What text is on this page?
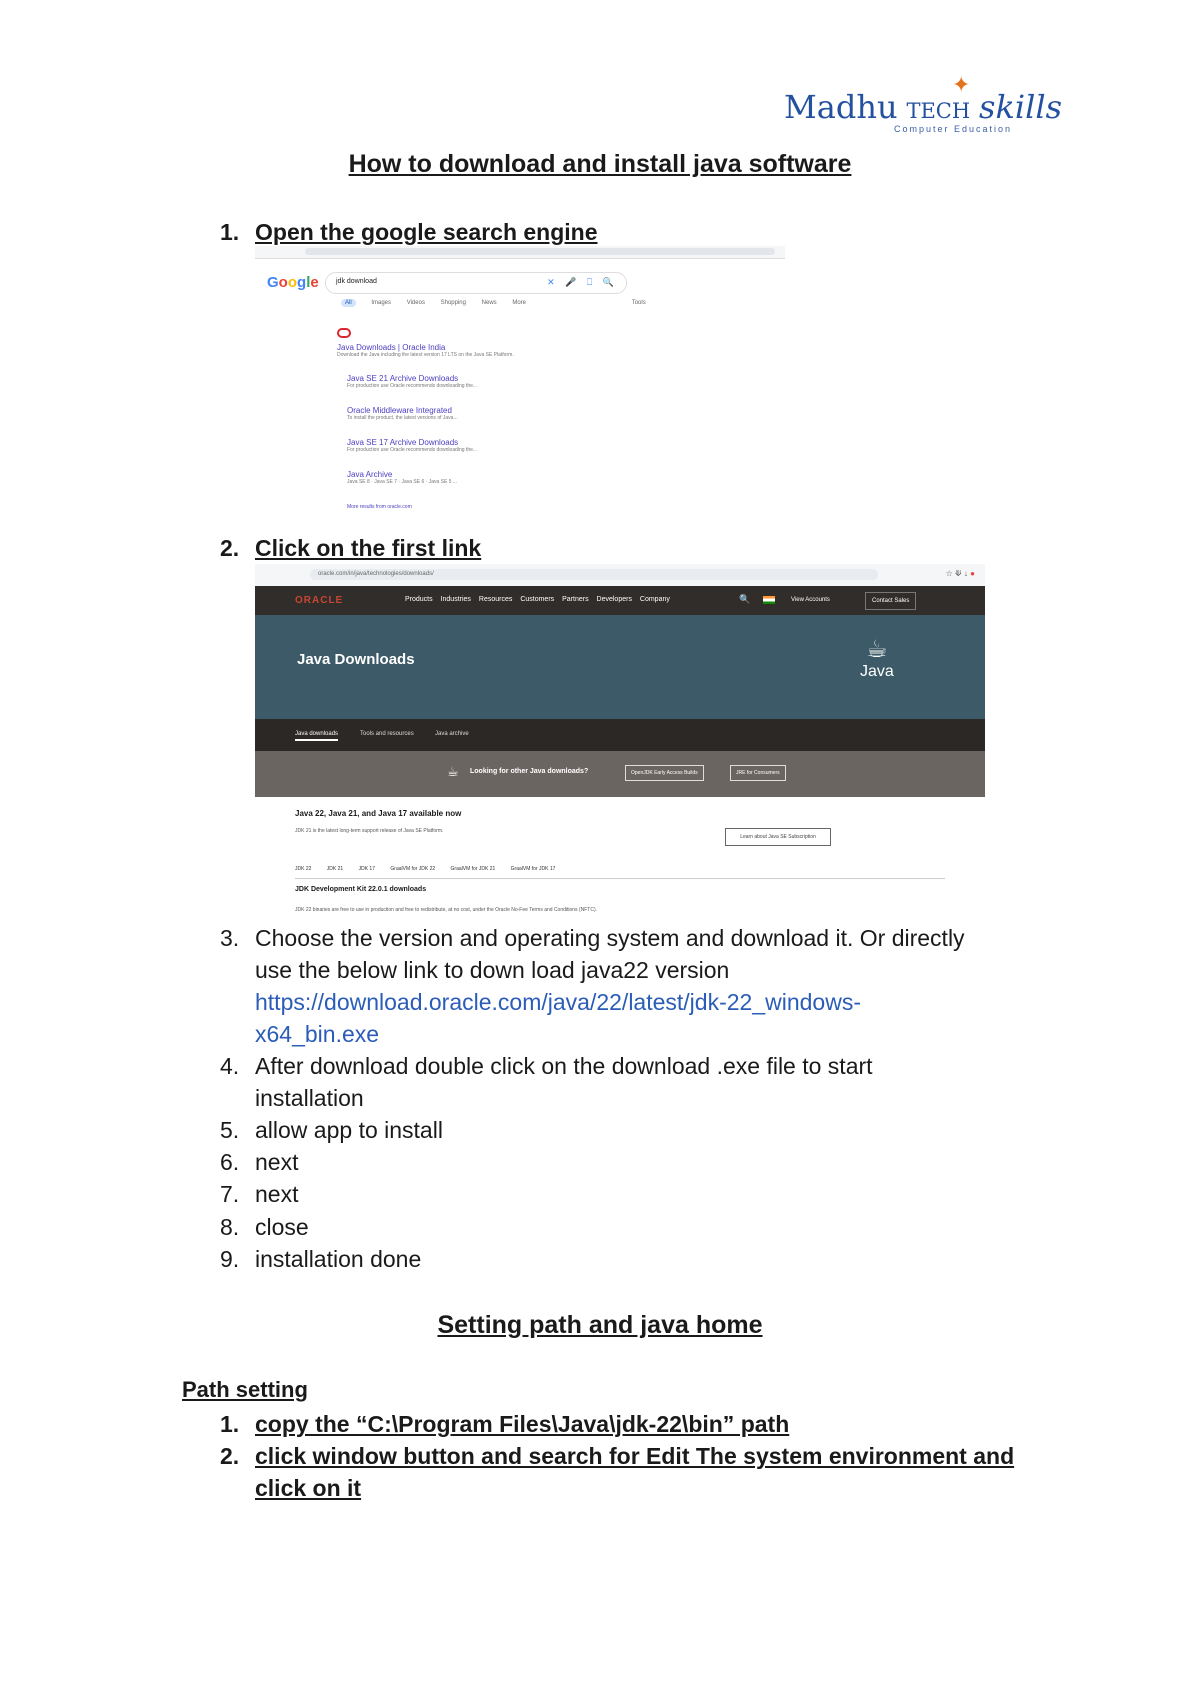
✦
Madhu tech skills
Computer Education
How to download and install java software
1. Open the google search engine
Google jdk download	✕ 🎤 ⎕ 🔍
All	Images	Videos	Shopping	News	More	Tools
Java Downloads | Oracle India
Download the Java including the latest version 17 LTS on the Java SE Platform.
Java SE 21 Archive Downloads
For production use Oracle recommends downloading the...
Oracle Middleware Integrated
To install the product, the latest versions of Java...
Java SE 17 Archive Downloads
For production use Oracle recommends downloading the...
Java Archive
Java SE 8 · Java SE 7 · Java SE 6 · Java SE 5 ...
More results from oracle.com
2. Click on the first link
oracle.com/in/java/technologies/downloads/	☆ ⟱ ↓ ●
ORACLE	Products Industries Resources Customers Partners Developers Company	🔍	View Accounts	Contact Sales
Java Downloads	☕
Java
Java downloads	Tools and resources	Java archive
☕ Looking for other Java downloads?	OpenJDK Early Access Builds	JRE for Consumers
Java 22, Java 21, and Java 17 available now
JDK 21 is the latest long-term support release of Java SE Platform.
Learn about Java SE Subscription
JDK 22	JDK 21	JDK 17	GraalVM for JDK 22	GraalVM for JDK 21	GraalVM for JDK 17
JDK Development Kit 22.0.1 downloads
JDK 22 binaries are free to use in production and free to redistribute, at no cost, under the Oracle No-Fee Terms and Conditions (NFTC).
3. Choose the version and operating system and download it. Or directly
use the below link to down load java22 version
https://download.oracle.com/java/22/latest/jdk-22_windows-
x64_bin.exe
4. After download double click on the download .exe file to start
installation
5. allow app to install
6. next
7. next
8. close
9. installation done
Setting path and java home
Path setting
1. copy the “C:\Program Files\Java\jdk-22\bin” path
2. click window button and search for Edit The system environment and
click on it
